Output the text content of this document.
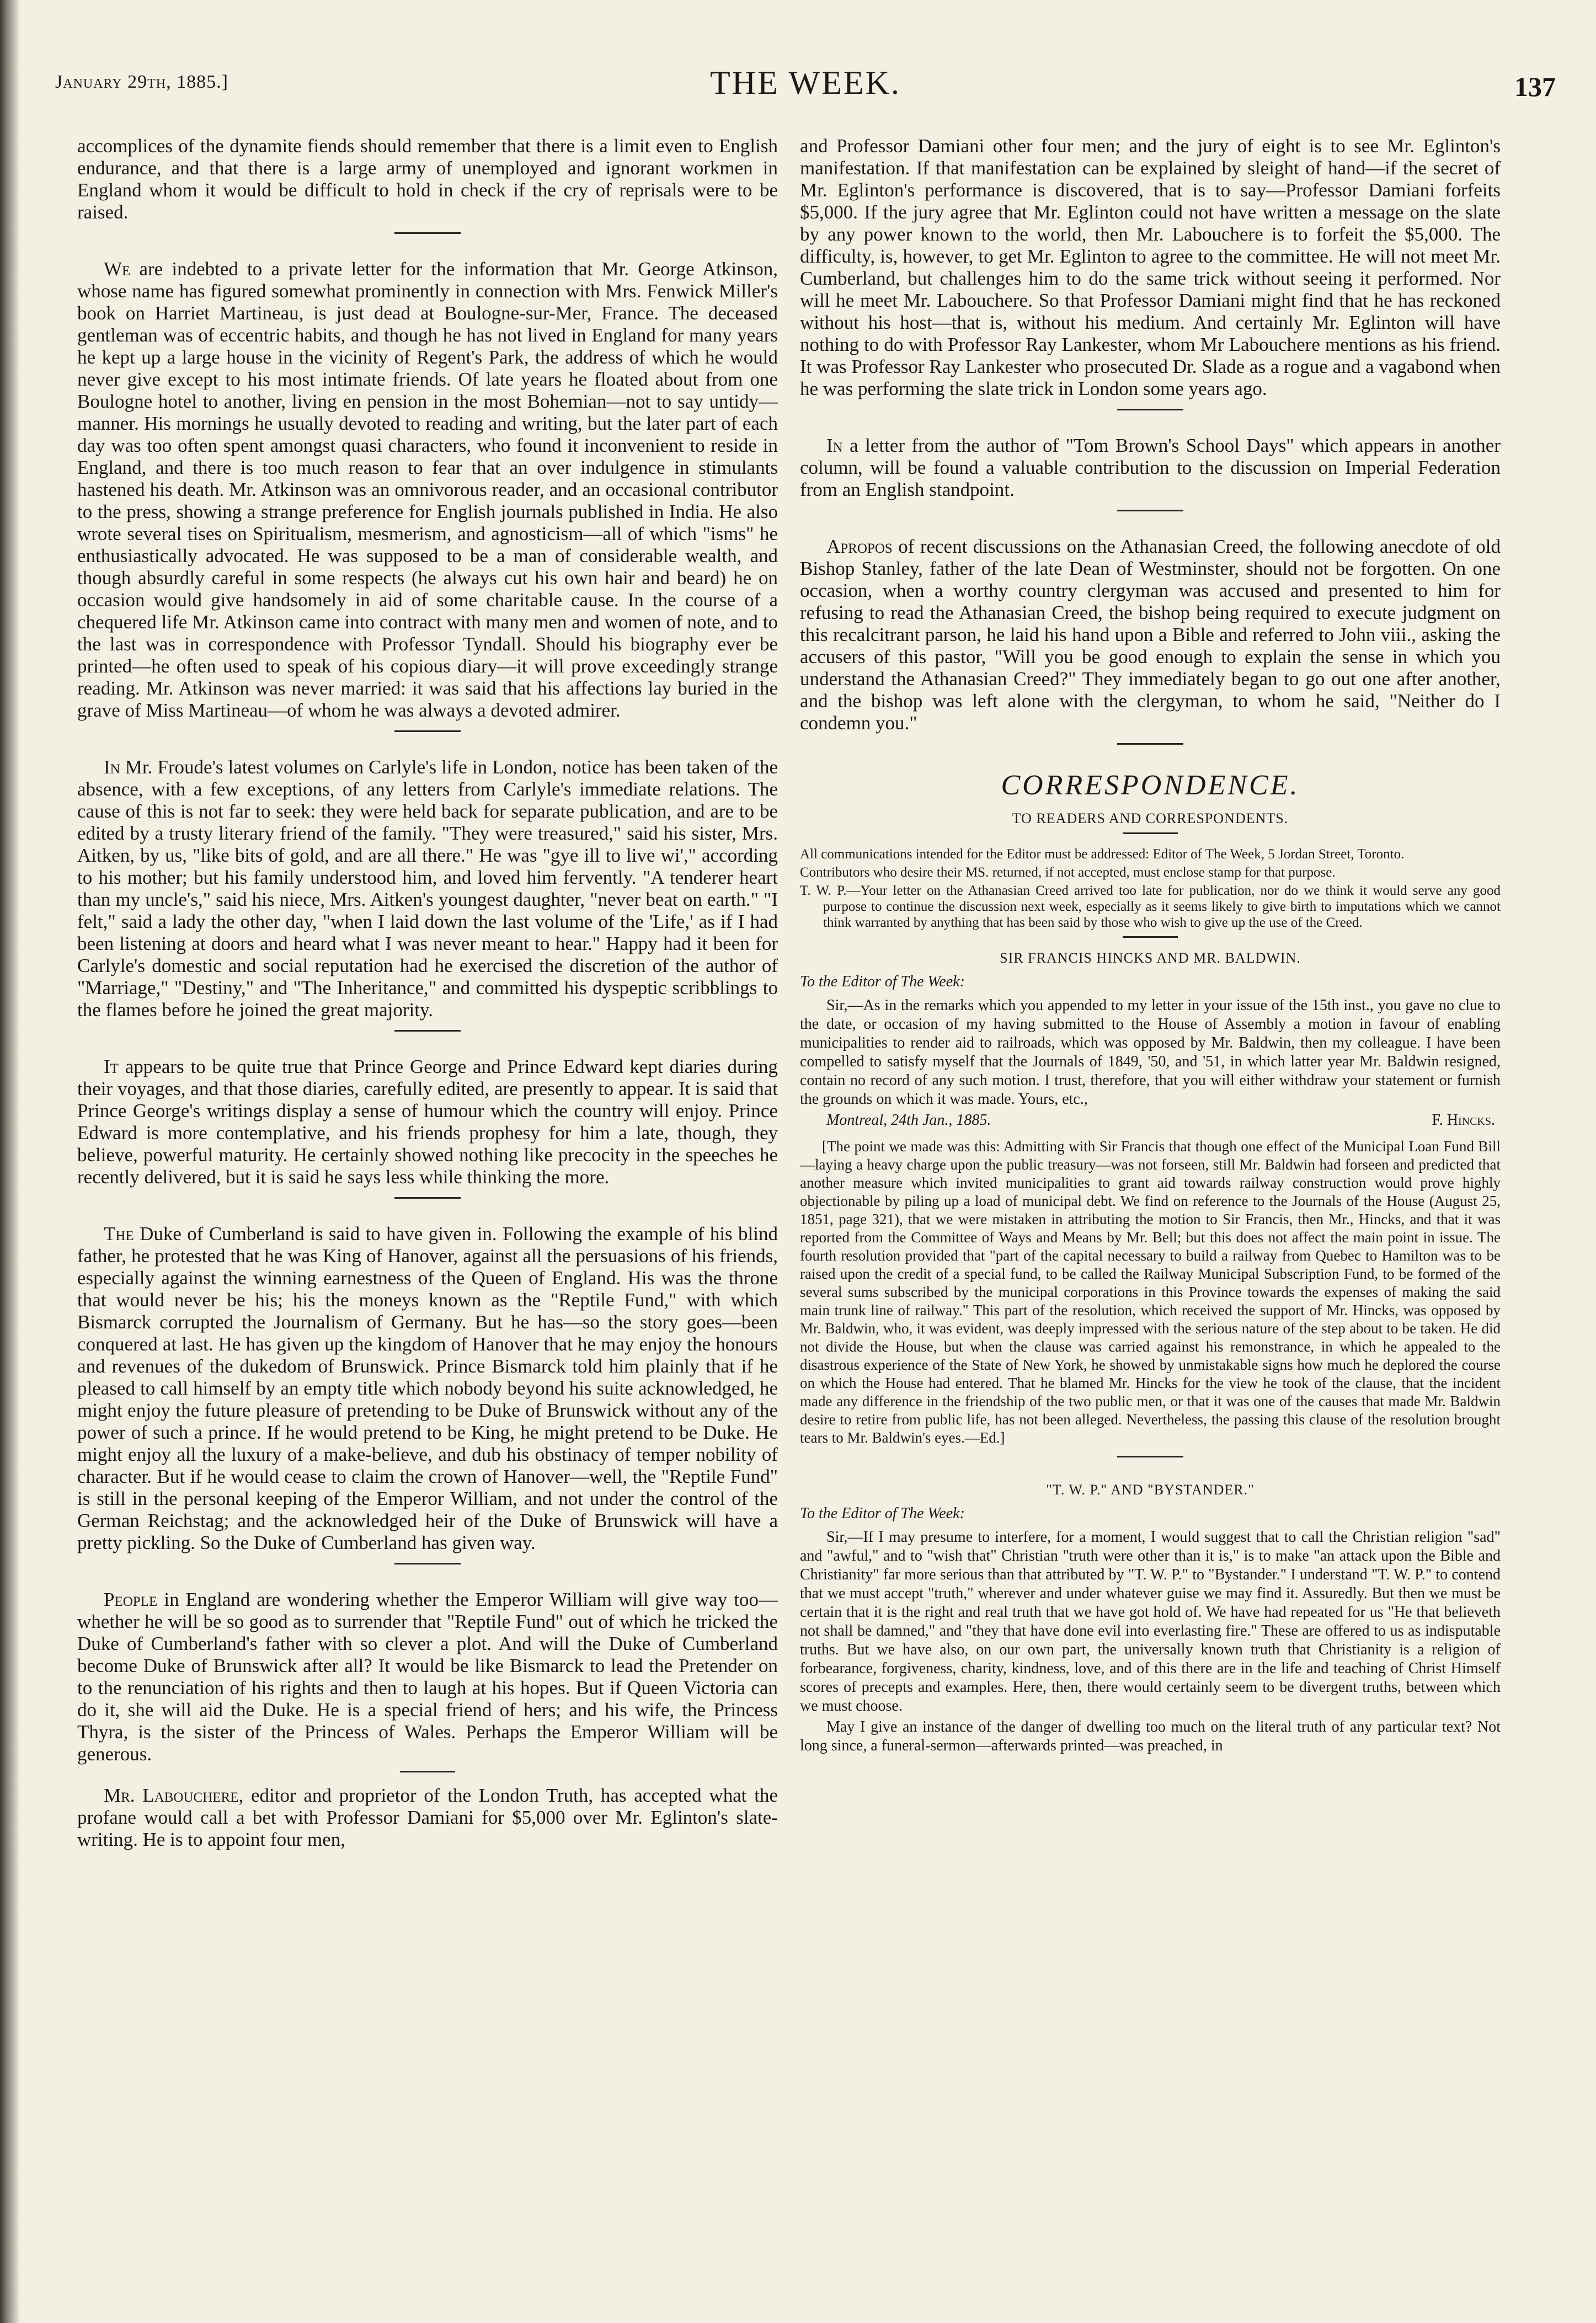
January 29th, 1885.]	THE WEEK.	137

accomplices of the dynamite fiends should remember that there is a limit even to English endurance, and that there is a large army of unemployed and ignorant workmen in England whom it would be difficult to hold in check if the cry of reprisals were to be raised.

We are indebted to a private letter for the information that Mr. George Atkinson, whose name has figured somewhat prominently in connection with Mrs. Fenwick Miller's book on Harriet Martineau, is just dead at Boulogne-sur-Mer, France. The deceased gentleman was of eccentric habits, and though he has not lived in England for many years he kept up a large house in the vicinity of Regent's Park, the address of which he would never give except to his most intimate friends. Of late years he floated about from one Boulogne hotel to another, living en pension in the most Bohemian—not to say untidy—manner. His mornings he usually devoted to reading and writing, but the later part of each day was too often spent amongst quasi characters, who found it inconvenient to reside in England, and there is too much reason to fear that an over indulgence in stimulants hastened his death. Mr. Atkinson was an omnivorous reader, and an occasional contributor to the press, showing a strange preference for English journals published in India. He also wrote several tises on Spiritualism, mesmerism, and agnosticism—all of which "isms" he enthusiastically advocated. He was supposed to be a man of considerable wealth, and though absurdly careful in some respects (he always cut his own hair and beard) he on occasion would give handsomely in aid of some charitable cause. In the course of a chequered life Mr. Atkinson came into contract with many men and women of note, and to the last was in correspondence with Professor Tyndall. Should his biography ever be printed—he often used to speak of his copious diary—it will prove exceedingly strange reading. Mr. Atkinson was never married: it was said that his affections lay buried in the grave of Miss Martineau—of whom he was always a devoted admirer.

In Mr. Froude's latest volumes on Carlyle's life in London, notice has been taken of the absence, with a few exceptions, of any letters from Carlyle's immediate relations. The cause of this is not far to seek: they were held back for separate publication, and are to be edited by a trusty literary friend of the family. "They were treasured," said his sister, Mrs. Aitken, by us, "like bits of gold, and are all there." He was "gye ill to live wi'," according to his mother; but his family understood him, and loved him fervently. "A tenderer heart than my uncle's," said his niece, Mrs. Aitken's youngest daughter, "never beat on earth." "I felt," said a lady the other day, "when I laid down the last volume of the 'Life,' as if I had been listening at doors and heard what I was never meant to hear." Happy had it been for Carlyle's domestic and social reputation had he exercised the discretion of the author of "Marriage," "Destiny," and "The Inheritance," and committed his dyspeptic scribblings to the flames before he joined the great majority.

It appears to be quite true that Prince George and Prince Edward kept diaries during their voyages, and that those diaries, carefully edited, are presently to appear. It is said that Prince George's writings display a sense of humour which the country will enjoy. Prince Edward is more contemplative, and his friends prophesy for him a late, though, they believe, powerful maturity. He certainly showed nothing like precocity in the speeches he recently delivered, but it is said he says less while thinking the more.

The Duke of Cumberland is said to have given in. Following the example of his blind father, he protested that he was King of Hanover, against all the persuasions of his friends, especially against the winning earnestness of the Queen of England. His was the throne that would never be his; his the moneys known as the "Reptile Fund," with which Bismarck corrupted the Journalism of Germany. But he has—so the story goes—been conquered at last. He has given up the kingdom of Hanover that he may enjoy the honours and revenues of the dukedom of Brunswick. Prince Bismarck told him plainly that if he pleased to call himself by an empty title which nobody beyond his suite acknowledged, he might enjoy the future pleasure of pretending to be Duke of Brunswick without any of the power of such a prince. If he would pretend to be King, he might pretend to be Duke. He might enjoy all the luxury of a make-believe, and dub his obstinacy of temper nobility of character. But if he would cease to claim the crown of Hanover—well, the "Reptile Fund" is still in the personal keeping of the Emperor William, and not under the control of the German Reichstag; and the acknowledged heir of the Duke of Brunswick will have a pretty pickling. So the Duke of Cumberland has given way.

People in England are wondering whether the Emperor William will give way too—whether he will be so good as to surrender that "Reptile Fund" out of which he tricked the Duke of Cumberland's father with so clever a plot. And will the Duke of Cumberland become Duke of Brunswick after all? It would be like Bismarck to lead the Pretender on to the renunciation of his rights and then to laugh at his hopes. But if Queen Victoria can do it, she will aid the Duke. He is a special friend of hers; and his wife, the Princess Thyra, is the sister of the Princess of Wales. Perhaps the Emperor William will be generous.

Mr. Labouchere, editor and proprietor of the London Truth, has accepted what the profane would call a bet with Professor Damiani for $5,000 over Mr. Eglinton's slate-writing. He is to appoint four men,

and Professor Damiani other four men; and the jury of eight is to see Mr. Eglinton's manifestation. If that manifestation can be explained by sleight of hand—if the secret of Mr. Eglinton's performance is discovered, that is to say—Professor Damiani forfeits $5,000. If the jury agree that Mr. Eglinton could not have written a message on the slate by any power known to the world, then Mr. Labouchere is to forfeit the $5,000. The difficulty, is, however, to get Mr. Eglinton to agree to the committee. He will not meet Mr. Cumberland, but challenges him to do the same trick without seeing it performed. Nor will he meet Mr. Labouchere. So that Professor Damiani might find that he has reckoned without his host—that is, without his medium. And certainly Mr. Eglinton will have nothing to do with Professor Ray Lankester, whom Mr Labouchere mentions as his friend. It was Professor Ray Lankester who prosecuted Dr. Slade as a rogue and a vagabond when he was performing the slate trick in London some years ago.

In a letter from the author of "Tom Brown's School Days" which appears in another column, will be found a valuable contribution to the discussion on Imperial Federation from an English standpoint.

Apropos of recent discussions on the Athanasian Creed, the following anecdote of old Bishop Stanley, father of the late Dean of Westminster, should not be forgotten. On one occasion, when a worthy country clergyman was accused and presented to him for refusing to read the Athanasian Creed, the bishop being required to execute judgment on this recalcitrant parson, he laid his hand upon a Bible and referred to John viii., asking the accusers of this pastor, "Will you be good enough to explain the sense in which you understand the Athanasian Creed?" They immediately began to go out one after another, and the bishop was left alone with the clergyman, to whom he said, "Neither do I condemn you."

CORRESPONDENCE.
TO READERS AND CORRESPONDENTS.

All communications intended for the Editor must be addressed: Editor of The Week, 5 Jordan Street, Toronto.

Contributors who desire their MS. returned, if not accepted, must enclose stamp for that purpose.

T. W. P.—Your letter on the Athanasian Creed arrived too late for publication, nor do we think it would serve any good purpose to continue the discussion next week, especially as it seems likely to give birth to imputations which we cannot think warranted by anything that has been said by those who wish to give up the use of the Creed.

SIR FRANCIS HINCKS AND MR. BALDWIN.

To the Editor of The Week:

Sir,—As in the remarks which you appended to my letter in your issue of the 15th inst., you gave no clue to the date, or occasion of my having submitted to the House of Assembly a motion in favour of enabling municipalities to render aid to railroads, which was opposed by Mr. Baldwin, then my colleague. I have been compelled to satisfy myself that the Journals of 1849, '50, and '51, in which latter year Mr. Baldwin resigned, contain no record of any such motion. I trust, therefore, that you will either withdraw your statement or furnish the grounds on which it was made. Yours, etc.,

Montreal, 24th Jan., 1885.	F. Hincks.

[The point we made was this: Admitting with Sir Francis that though one effect of the Municipal Loan Fund Bill—laying a heavy charge upon the public treasury—was not forseen, still Mr. Baldwin had forseen and predicted that another measure which invited municipalities to grant aid towards railway construction would prove highly objectionable by piling up a load of municipal debt. We find on reference to the Journals of the House (August 25, 1851, page 321), that we were mistaken in attributing the motion to Sir Francis, then Mr., Hincks, and that it was reported from the Committee of Ways and Means by Mr. Bell; but this does not affect the main point in issue. The fourth resolution provided that "part of the capital necessary to build a railway from Quebec to Hamilton was to be raised upon the credit of a special fund, to be called the Railway Municipal Subscription Fund, to be formed of the several sums subscribed by the municipal corporations in this Province towards the expenses of making the said main trunk line of railway." This part of the resolution, which received the support of Mr. Hincks, was opposed by Mr. Baldwin, who, it was evident, was deeply impressed with the serious nature of the step about to be taken. He did not divide the House, but when the clause was carried against his remonstrance, in which he appealed to the disastrous experience of the State of New York, he showed by unmistakable signs how much he deplored the course on which the House had entered. That he blamed Mr. Hincks for the view he took of the clause, that the incident made any difference in the friendship of the two public men, or that it was one of the causes that made Mr. Baldwin desire to retire from public life, has not been alleged. Nevertheless, the passing this clause of the resolution brought tears to Mr. Baldwin's eyes.—Ed.]

"T. W. P." AND "BYSTANDER."

To the Editor of The Week:

Sir,—If I may presume to interfere, for a moment, I would suggest that to call the Christian religion "sad" and "awful," and to "wish that" Christian "truth were other than it is," is to make "an attack upon the Bible and Christianity" far more serious than that attributed by "T. W. P." to "Bystander." I understand "T. W. P." to contend that we must accept "truth," wherever and under whatever guise we may find it. Assuredly. But then we must be certain that it is the right and real truth that we have got hold of. We have had repeated for us "He that believeth not shall be damned," and "they that have done evil into everlasting fire." These are offered to us as indisputable truths. But we have also, on our own part, the universally known truth that Christianity is a religion of forbearance, forgiveness, charity, kindness, love, and of this there are in the life and teaching of Christ Himself scores of precepts and examples. Here, then, there would certainly seem to be divergent truths, between which we must choose.

May I give an instance of the danger of dwelling too much on the literal truth of any particular text? Not long since, a funeral-sermon—afterwards printed—was preached, in
